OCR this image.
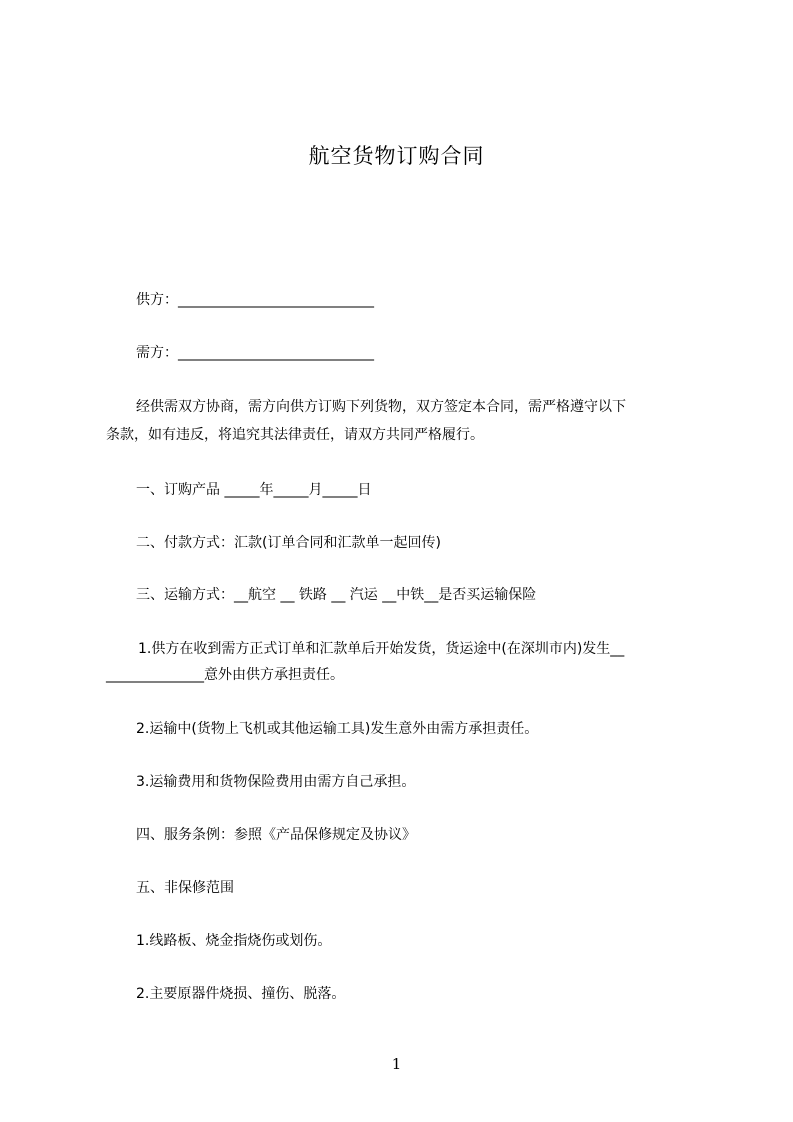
航空货物订购合同
供方：____________________________
需方：____________________________
经供需双方协商，需方向供方订购下列货物，双方签定本合同，需严格遵守以下
条款，如有违反，将追究其法律责任，请双方共同严格履行。
一、订购产品 _____年_____月_____日
二、付款方式：汇款(订单合同和汇款单一起回传)
三、运输方式：__航空 __ 铁路 __ 汽运 __中铁__是否买运输保险
1.供方在收到需方正式订单和汇款单后开始发货，货运途中(在深圳市内)发生__
______________意外由供方承担责任。
2.运输中(货物上飞机或其他运输工具)发生意外由需方承担责任。
3.运输费用和货物保险费用由需方自己承担。
四、服务条例：参照《产品保修规定及协议》
五、非保修范围
1.线路板、烧金指烧伤或划伤。
2.主要原器件烧损、撞伤、脱落。
1
